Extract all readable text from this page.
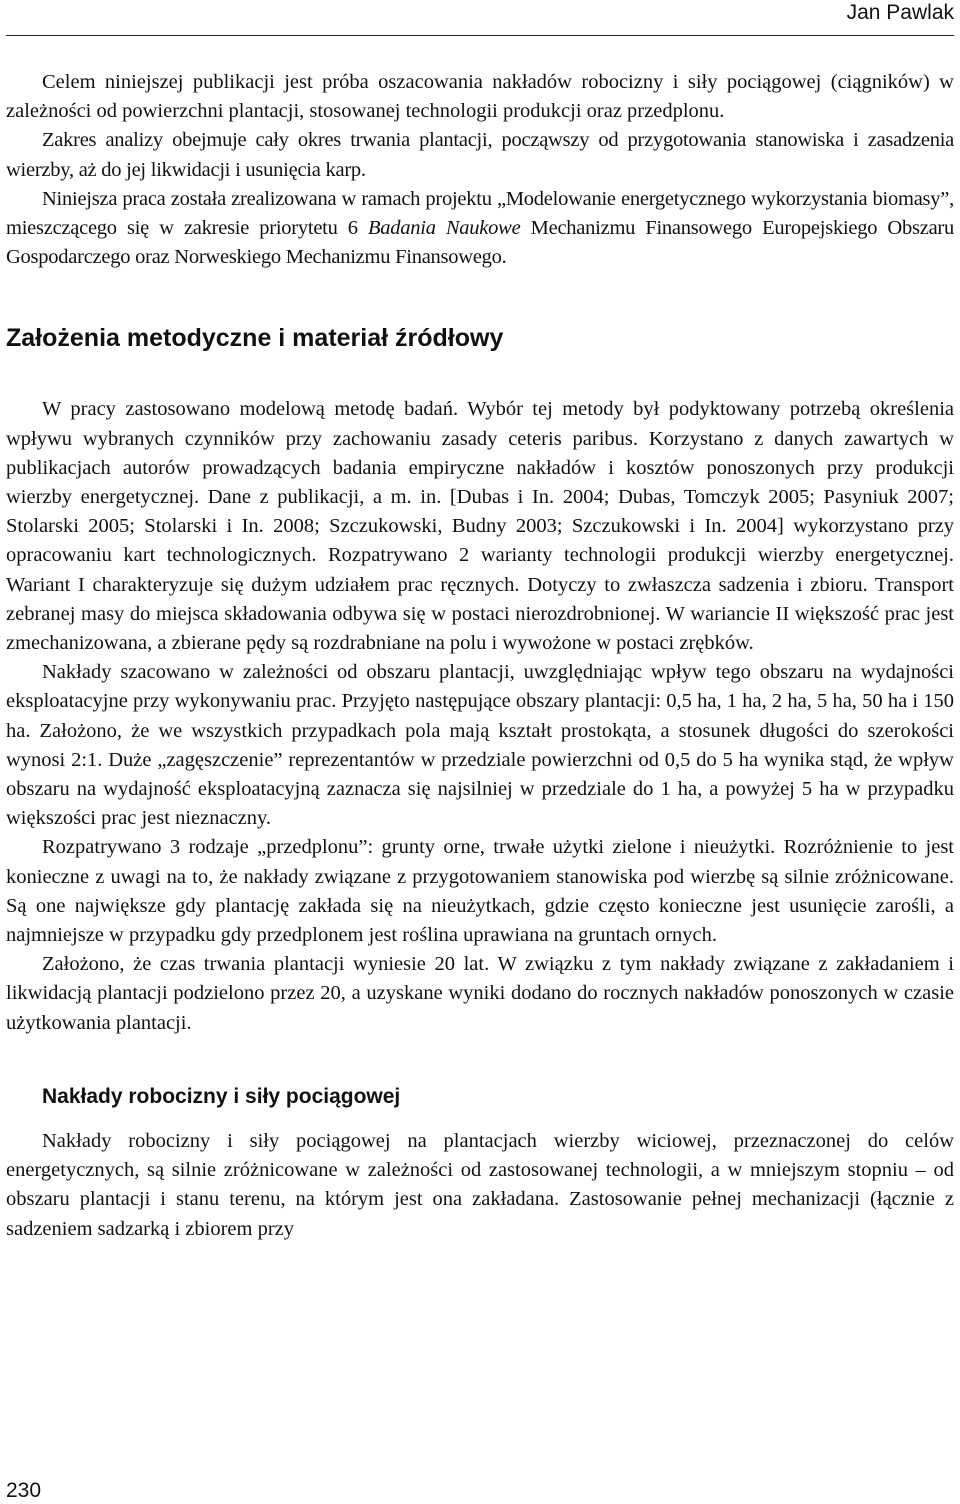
Jan Pawlak

Celem niniejszej publikacji jest próba oszacowania nakładów robocizny i siły pociągowej (ciągników) w zależności od powierzchni plantacji, stosowanej technologii produkcji oraz przedplonu.

Zakres analizy obejmuje cały okres trwania plantacji, począwszy od przygotowania stanowiska i zasadzenia wierzby, aż do jej likwidacji i usunięcia karp.

Niniejsza praca została zrealizowana w ramach projektu „Modelowanie energetycznego wykorzystania biomasy”, mieszczącego się w zakresie priorytetu 6 Badania Naukowe Mechanizmu Finansowego Europejskiego Obszaru Gospodarczego oraz Norweskiego Mechanizmu Finansowego.

Założenia metodyczne i materiał źródłowy

W pracy zastosowano modelową metodę badań. Wybór tej metody był podyktowany potrzebą określenia wpływu wybranych czynników przy zachowaniu zasady ceteris paribus. Korzystano z danych zawartych w publikacjach autorów prowadzących badania empiryczne nakładów i kosztów ponoszonych przy produkcji wierzby energetycznej. Dane z publikacji, a m. in. [Dubas i In. 2004; Dubas, Tomczyk 2005; Pasyniuk 2007; Stolarski 2005; Stolarski i In. 2008; Szczukowski, Budny 2003; Szczukowski i In. 2004] wykorzystano przy opracowaniu kart technologicznych. Rozpatrywano 2 warianty technologii produkcji wierzby energetycznej. Wariant I charakteryzuje się dużym udziałem prac ręcznych. Dotyczy to zwłaszcza sadzenia i zbioru. Transport zebranej masy do miejsca składowania odbywa się w postaci nierozdrobnionej. W wariancie II większość prac jest zmechanizowana, a zbierane pędy są rozdrabniane na polu i wywożone w postaci zrębków.

Nakłady szacowano w zależności od obszaru plantacji, uwzględniając wpływ tego obszaru na wydajności eksploatacyjne przy wykonywaniu prac. Przyjęto następujące obszary plantacji: 0,5 ha, 1 ha, 2 ha, 5 ha, 50 ha i 150 ha. Założono, że we wszystkich przypadkach pola mają kształt prostokąta, a stosunek długości do szerokości wynosi 2:1. Duże „zagęszczenie” reprezentantów w przedziale powierzchni od 0,5 do 5 ha wynika stąd, że wpływ obszaru na wydajność eksploatacyjną zaznacza się najsilniej w przedziale do 1 ha, a powyżej 5 ha w przypadku większości prac jest nieznaczny.

Rozpatrywano 3 rodzaje „przedplonu”: grunty orne, trwałe użytki zielone i nieużytki. Rozróżnienie to jest konieczne z uwagi na to, że nakłady związane z przygotowaniem stanowiska pod wierzbę są silnie zróżnicowane. Są one największe gdy plantację zakłada się na nieużytkach, gdzie często konieczne jest usunięcie zarośli, a najmniejsze w przypadku gdy przedplonem jest roślina uprawiana na gruntach ornych.

Założono, że czas trwania plantacji wyniesie 20 lat. W związku z tym nakłady związane z zakładaniem i likwidacją plantacji podzielono przez 20, a uzyskane wyniki dodano do rocznych nakładów ponoszonych w czasie użytkowania plantacji.

Nakłady robocizny i siły pociągowej

Nakłady robocizny i siły pociągowej na plantacjach wierzby wiciowej, przeznaczonej do celów energetycznych, są silnie zróżnicowane w zależności od zastosowanej technologii, a w mniejszym stopniu – od obszaru plantacji i stanu terenu, na którym jest ona zakładana. Zastosowanie pełnej mechanizacji (łącznie z sadzeniem sadzarką i zbiorem przy

230
